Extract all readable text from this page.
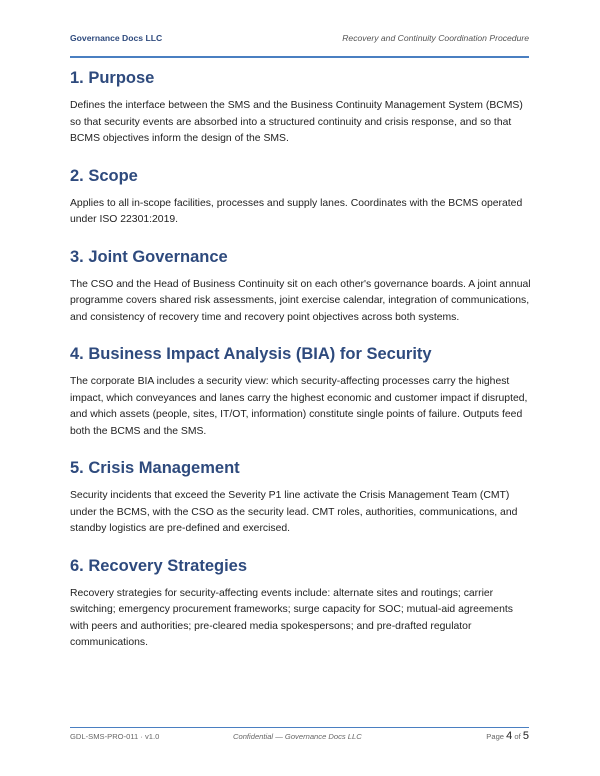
Governance Docs LLC	Recovery and Continuity Coordination Procedure
1. Purpose

Defines the interface between the SMS and the Business Continuity Management System (BCMS) so that security events are absorbed into a structured continuity and crisis response, and so that BCMS objectives inform the design of the SMS.

2. Scope

Applies to all in-scope facilities, processes and supply lanes. Coordinates with the BCMS operated under ISO 22301:2019.

3. Joint Governance

The CSO and the Head of Business Continuity sit on each other's governance boards. A joint annual programme covers shared risk assessments, joint exercise calendar, integration of communications, and consistency of recovery time and recovery point objectives across both systems.

4. Business Impact Analysis (BIA) for Security

The corporate BIA includes a security view: which security-affecting processes carry the highest impact, which conveyances and lanes carry the highest economic and customer impact if disrupted, and which assets (people, sites, IT/OT, information) constitute single points of failure. Outputs feed both the BCMS and the SMS.

5. Crisis Management

Security incidents that exceed the Severity P1 line activate the Crisis Management Team (CMT) under the BCMS, with the CSO as the security lead. CMT roles, authorities, communications, and standby logistics are pre-defined and exercised.

6. Recovery Strategies

Recovery strategies for security-affecting events include: alternate sites and routings; carrier switching; emergency procurement frameworks; surge capacity for SOC; mutual-aid agreements with peers and authorities; pre-cleared media spokespersons; and pre-drafted regulator communications.

GDL-SMS-PRO-011 · v1.0	Confidential — Governance Docs LLC	Page 4 of 5
